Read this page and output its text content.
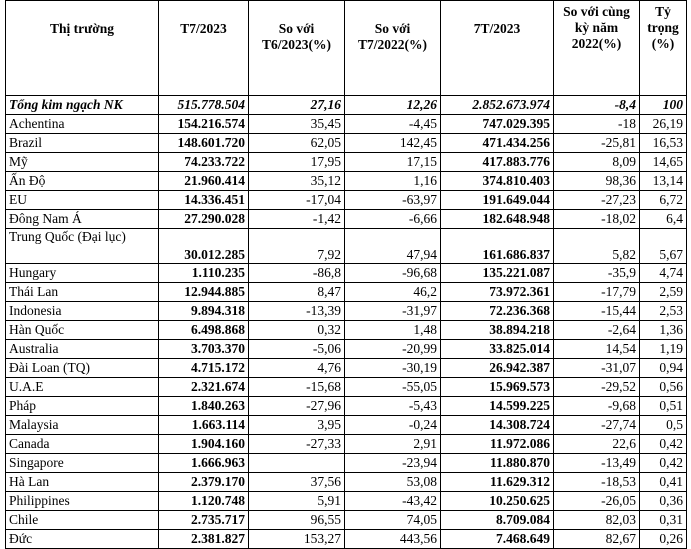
Thị trường	T7/2023	So với T6/2023(%)	So với T7/2022(%)	7T/2023	So với cùng kỳ năm 2022(%)	Tỷ trọng (%)
Tổng kim ngạch NK	515.778.504	27,16	12,26	2.852.673.974	-8,4	100
Achentina	154.216.574	35,45	-4,45	747.029.395	-18	26,19
Brazil	148.601.720	62,05	142,45	471.434.256	-25,81	16,53
Mỹ	74.233.722	17,95	17,15	417.883.776	8,09	14,65
Ấn Độ	21.960.414	35,12	1,16	374.810.403	98,36	13,14
EU	14.336.451	-17,04	-63,97	191.649.044	-27,23	6,72
Đông Nam Á	27.290.028	-1,42	-6,66	182.648.948	-18,02	6,4
Trung Quốc (Đại lục)	30.012.285	7,92	47,94	161.686.837	5,82	5,67
Hungary	1.110.235	-86,8	-96,68	135.221.087	-35,9	4,74
Thái Lan	12.944.885	8,47	46,2	73.972.361	-17,79	2,59
Indonesia	9.894.318	-13,39	-31,97	72.236.368	-15,44	2,53
Hàn Quốc	6.498.868	0,32	1,48	38.894.218	-2,64	1,36
Australia	3.703.370	-5,06	-20,99	33.825.014	14,54	1,19
Đài Loan (TQ)	4.715.172	4,76	-30,19	26.942.387	-31,07	0,94
U.A.E	2.321.674	-15,68	-55,05	15.969.573	-29,52	0,56
Pháp	1.840.263	-27,96	-5,43	14.599.225	-9,68	0,51
Malaysia	1.663.114	3,95	-0,24	14.308.724	-27,74	0,5
Canada	1.904.160	-27,33	2,91	11.972.086	22,6	0,42
Singapore	1.666.963		-23,94	11.880.870	-13,49	0,42
Hà Lan	2.379.170	37,56	53,08	11.629.312	-18,53	0,41
Philippines	1.120.748	5,91	-43,42	10.250.625	-26,05	0,36
Chile	2.735.717	96,55	74,05	8.709.084	82,03	0,31
Đức	2.381.827	153,27	443,56	7.468.649	82,67	0,26
